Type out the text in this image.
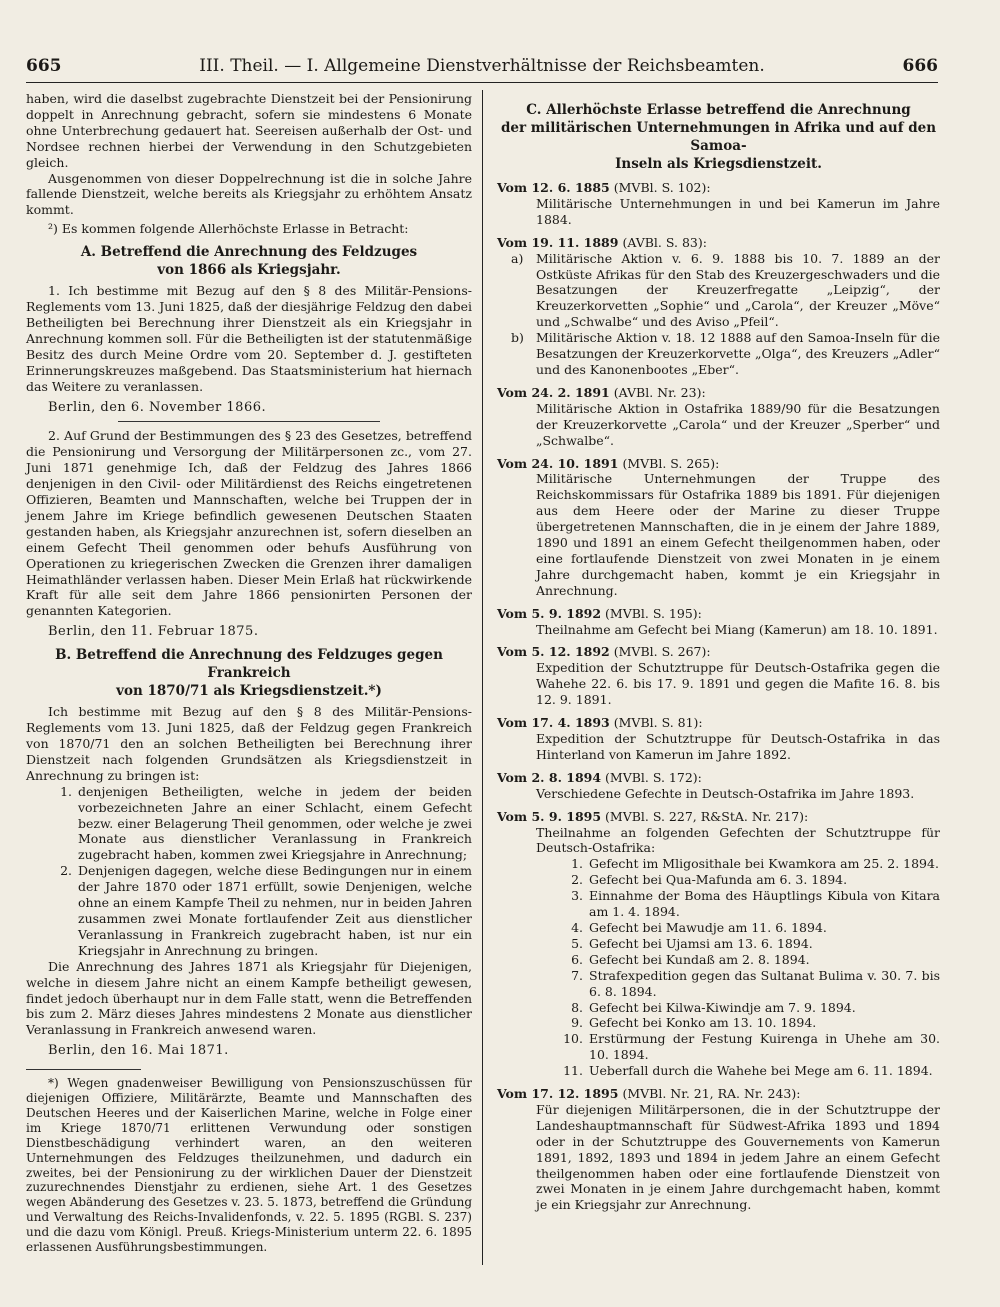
665	III. Theil. — I. Allgemeine Dienstverhältnisse der Reichsbeamten.	666

haben, wird die daselbst zugebrachte Dienstzeit bei der Pensionirung doppelt in Anrechnung gebracht, sofern sie mindestens 6 Monate ohne Unterbrechung gedauert hat. Seereisen außerhalb der Ost- und Nordsee rechnen hierbei der Verwendung in den Schutzgebieten gleich.

Ausgenommen von dieser Doppelrechnung ist die in solche Jahre fallende Dienstzeit, welche bereits als Kriegsjahr zu erhöhtem Ansatz kommt.

²) Es kommen folgende Allerhöchste Erlasse in Betracht:

A. Betreffend die Anrechnung des Feldzuges
von 1866 als Kriegsjahr.

1. Ich bestimme mit Bezug auf den § 8 des Militär-Pensions-Reglements vom 13. Juni 1825, daß der diesjährige Feldzug den dabei Betheiligten bei Berechnung ihrer Dienstzeit als ein Kriegsjahr in Anrechnung kommen soll. Für die Betheiligten ist der statutenmäßige Besitz des durch Meine Ordre vom 20. September d. J. gestifteten Erinnerungskreuzes maßgebend. Das Staatsministerium hat hiernach das Weitere zu veranlassen.

Berlin, den 6. November 1866.

2. Auf Grund der Bestimmungen des § 23 des Gesetzes, betreffend die Pensionirung und Versorgung der Militärpersonen zc., vom 27. Juni 1871 genehmige Ich, daß der Feldzug des Jahres 1866 denjenigen in den Civil- oder Militärdienst des Reichs eingetretenen Offizieren, Beamten und Mannschaften, welche bei Truppen der in jenem Jahre im Kriege befindlich gewesenen Deutschen Staaten gestanden haben, als Kriegsjahr anzurechnen ist, sofern dieselben an einem Gefecht Theil genommen oder behufs Ausführung von Operationen zu kriegerischen Zwecken die Grenzen ihrer damaligen Heimathländer verlassen haben. Dieser Mein Erlaß hat rückwirkende Kraft für alle seit dem Jahre 1866 pensionirten Personen der genannten Kategorien.

Berlin, den 11. Februar 1875.

B. Betreffend die Anrechnung des Feldzuges gegen Frankreich
von 1870/71 als Kriegsdienstzeit.*)

Ich bestimme mit Bezug auf den § 8 des Militär-Pensions-Reglements vom 13. Juni 1825, daß der Feldzug gegen Frankreich von 1870/71 den an solchen Betheiligten bei Berechnung ihrer Dienstzeit nach folgenden Grundsätzen als Kriegsdienstzeit in Anrechnung zu bringen ist:

1. denjenigen Betheiligten, welche in jedem der beiden vorbezeichneten Jahre an einer Schlacht, einem Gefecht bezw. einer Belagerung Theil genommen, oder welche je zwei Monate aus dienstlicher Veranlassung in Frankreich zugebracht haben, kommen zwei Kriegsjahre in Anrechnung;
2. Denjenigen dagegen, welche diese Bedingungen nur in einem der Jahre 1870 oder 1871 erfüllt, sowie Denjenigen, welche ohne an einem Kampfe Theil zu nehmen, nur in beiden Jahren zusammen zwei Monate fortlaufender Zeit aus dienstlicher Veranlassung in Frankreich zugebracht haben, ist nur ein Kriegsjahr in Anrechnung zu bringen.

Die Anrechnung des Jahres 1871 als Kriegsjahr für Diejenigen, welche in diesem Jahre nicht an einem Kampfe betheiligt gewesen, findet jedoch überhaupt nur in dem Falle statt, wenn die Betreffenden bis zum 2. März dieses Jahres mindestens 2 Monate aus dienstlicher Veranlassung in Frankreich anwesend waren.

Berlin, den 16. Mai 1871.

*) Wegen gnadenweiser Bewilligung von Pensionszuschüssen für diejenigen Offiziere, Militärärzte, Beamte und Mannschaften des Deutschen Heeres und der Kaiserlichen Marine, welche in Folge einer im Kriege 1870/71 erlittenen Verwundung oder sonstigen Dienstbeschädigung verhindert waren, an den weiteren Unternehmungen des Feldzuges theilzunehmen, und dadurch ein zweites, bei der Pensionirung zu der wirklichen Dauer der Dienstzeit zuzurechnendes Dienstjahr zu erdienen, siehe Art. 1 des Gesetzes wegen Abänderung des Gesetzes v. 23. 5. 1873, betreffend die Gründung und Verwaltung des Reichs-Invalidenfonds, v. 22. 5. 1895 (RGBl. S. 237) und die dazu vom Königl. Preuß. Kriegs-Ministerium unterm 22. 6. 1895 erlassenen Ausführungsbestimmungen.

C. Allerhöchste Erlasse betreffend die Anrechnung
der militärischen Unternehmungen in Afrika und auf den Samoa-
Inseln als Kriegsdienstzeit.
Vom 12. 6. 1885 (MVBl. S. 102):

Militärische Unternehmungen in und bei Kamerun im Jahre 1884.

Vom 19. 11. 1889 (AVBl. S. 83):
a)	Militärische Aktion v. 6. 9. 1888 bis 10. 7. 1889 an der Ostküste Afrikas für den Stab des Kreuzergeschwaders und die Besatzungen der Kreuzerfregatte „Leipzig“, der Kreuzerkorvetten „Sophie“ und „Carola“, der Kreuzer „Möve“ und „Schwalbe“ und des Aviso „Pfeil“.
b) Militärische Aktion v. 18. 12 1888 auf den Samoa-Inseln für die Besatzungen der Kreuzerkorvette „Olga“, des Kreuzers „Adler“ und des Kanonenbootes „Eber“.
Vom 24. 2. 1891 (AVBl. Nr. 23):

Militärische Aktion in Ostafrika 1889/90 für die Besatzungen der Kreuzerkorvette „Carola“ und der Kreuzer „Sperber“ und „Schwalbe“.

Vom 24. 10. 1891 (MVBl. S. 265):

Militärische Unternehmungen der Truppe des Reichskommissars für Ostafrika 1889 bis 1891. Für diejenigen aus dem Heere oder der Marine zu dieser Truppe übergetretenen Mannschaften, die in je einem der Jahre 1889, 1890 und 1891 an einem Gefecht theilgenommen haben, oder eine fortlaufende Dienstzeit von zwei Monaten in je einem Jahre durchgemacht haben, kommt je ein Kriegsjahr in Anrechnung.

Vom 5. 9. 1892 (MVBl. S. 195):

Theilnahme am Gefecht bei Miang (Kamerun) am 18. 10. 1891.

Vom 5. 12. 1892 (MVBl. S. 267):

Expedition der Schutztruppe für Deutsch-Ostafrika gegen die Wahehe 22. 6. bis 17. 9. 1891 und gegen die Mafite 16. 8. bis 12. 9. 1891.

Vom 17. 4. 1893 (MVBl. S. 81):

Expedition der Schutztruppe für Deutsch-Ostafrika in das Hinterland von Kamerun im Jahre 1892.

Vom 2. 8. 1894 (MVBl. S. 172):

Verschiedene Gefechte in Deutsch-Ostafrika im Jahre 1893.

Vom 5. 9. 1895 (MVBl. S. 227, R&StA. Nr. 217):

Theilnahme an folgenden Gefechten der Schutztruppe für Deutsch-Ostafrika:

1. Gefecht im Mligosithale bei Kwamkora am 25. 2. 1894.
2. Gefecht bei Qua-Mafunda am 6. 3. 1894.
3. Einnahme der Boma des Häuptlings Kibula von Kitara am 1. 4. 1894.
4. Gefecht bei Mawudje am 11. 6. 1894.
5. Gefecht bei Ujamsi am 13. 6. 1894.
6. Gefecht bei Kundaß am 2. 8. 1894.
7. Strafexpedition gegen das Sultanat Bulima v. 30. 7. bis 6. 8. 1894.
8. Gefecht bei Kilwa-Kiwindje am 7. 9. 1894.
9. Gefecht bei Konko am 13. 10. 1894.
10. Erstürmung der Festung Kuirenga in Uhehe am 30. 10. 1894.
11. Ueberfall durch die Wahehe bei Mege am 6. 11. 1894.
Vom 17. 12. 1895 (MVBl. Nr. 21, RA. Nr. 243):

Für diejenigen Militärpersonen, die in der Schutztruppe der Landeshauptmannschaft für Südwest-Afrika 1893 und 1894 oder in der Schutztruppe des Gouvernements von Kamerun 1891, 1892, 1893 und 1894 in jedem Jahre an einem Gefecht theilgenommen haben oder eine fortlaufende Dienstzeit von zwei Monaten in je einem Jahre durchgemacht haben, kommt je ein Kriegsjahr zur Anrechnung.
